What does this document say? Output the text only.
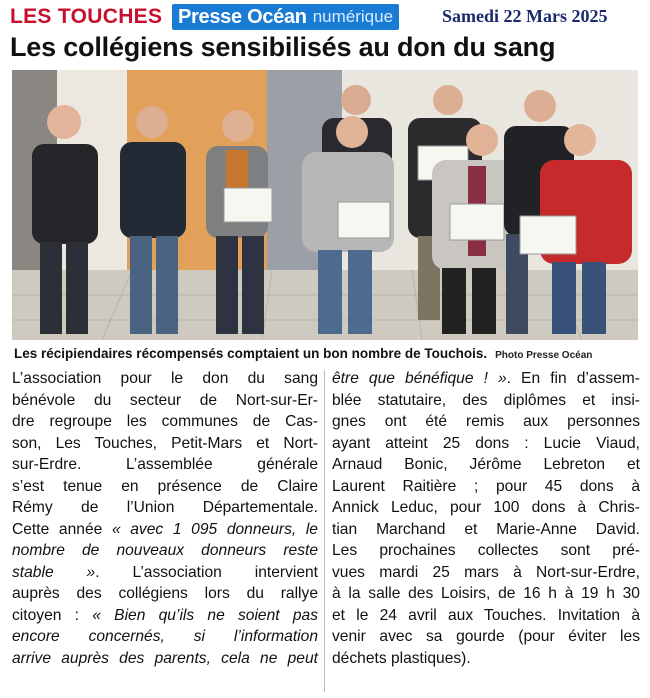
LES TOUCHES Presse Océan numérique	Samedi 22 Mars 2025
Les collégiens sensibilisés au don du sang
Les récipiendaires récompensés comptaient un bon nombre de Touchois. Photo Presse Océan
L’association pour le don du sang
bénévole du secteur de Nort-sur-Er-
dre regroupe les communes de Cas-
son, Les Touches, Petit-Mars et Nort-
sur-Erdre. L’assemblée générale
s’est tenue en présence de Claire
Rémy de l’Union Départementale.
Cette année « avec 1 095 donneurs, le
nombre de nouveaux donneurs reste
stable ». L’association intervient
auprès des collégiens lors du rallye
citoyen : « Bien qu’ils ne soient pas
encore concernés, si l’information
arrive auprès des parents, cela ne peut
être que bénéfique ! ». En fin d’assem-
blée statutaire, des diplômes et insi-
gnes ont été remis aux personnes
ayant atteint 25 dons : Lucie Viaud,
Arnaud Bonic, Jérôme Lebreton et
Laurent Raitière ; pour 45 dons à
Annick Leduc, pour 100 dons à Chris-
tian Marchand et Marie-Anne David.
Les prochaines collectes sont pré-
vues mardi 25 mars à Nort-sur-Erdre,
à la salle des Loisirs, de 16 h à 19 h 30
et le 24 avril aux Touches. Invitation à
venir avec sa gourde (pour éviter les
déchets plastiques).
